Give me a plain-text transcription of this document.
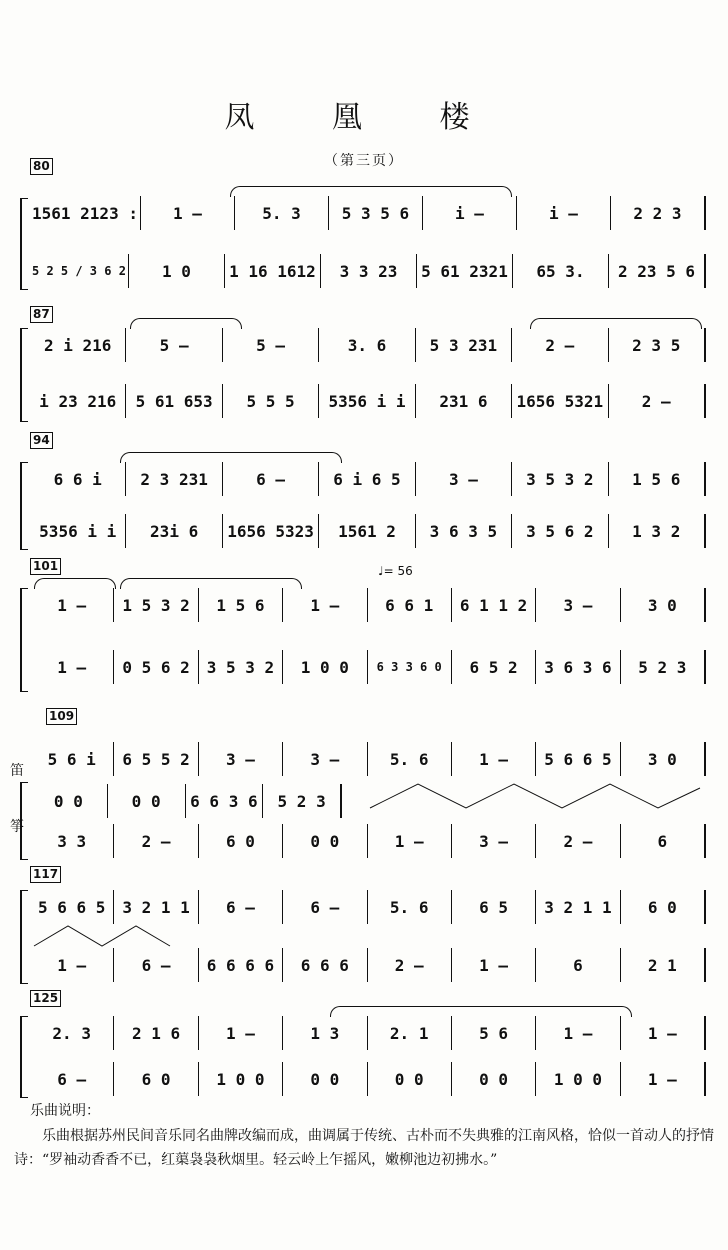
凤 凰 楼
（第三页）
80
1561 2123 :	1 –	5. 3	5 3 5 6	i –	i –	2 2 3
5 2 5 / 3 6 2	1 0	1 16 1612	3 3 23	5 61 2321	65 3.	2 23 5 6
87
2 i 216	5 –	5 –	3. 6	5 3 231	2 –	2 3 5
i 23 216	5 61 653	5 5 5	5356 i i	231 6	1656 5321	2 –
94
6 6 i	2 3 231	6 –	6 i 6 5	3 –	3 5 3 2	1 5 6
5356 i i	23i 6	1656 5323	1561 2	3 6 3 5	3 5 6 2	1 3 2
101	♩= 56
1 –	1 5 3 2	1 5 6	1 –	6 6 1	6 1 1 2	3 –	3 0
1 –	0 5 6 2	3 5 3 2	1 0 0	6 3 3 6 0	6 5 2	3 6 3 6	5 2 3
109
笛
筝
5 6 i	6 5 5 2	3 –	3 –	5. 6	1 –	5 6 6 5	3 0
0 0	0 0	6 6 3 6	5 2 3
3 3	2 –	6 0	0 0	1 –	3 –	2 –	6
117
5 6 6 5	3 2 1 1	6 –	6 –	5. 6	6 5	3 2 1 1	6 0
1 –	6 –	6 6 6 6	6 6 6	2 –	1 –	6	2 1
125
2. 3	2 1 6	1 –	1 3	2. 1	5 6	1 –	1 –
6 –	6 0	1 0 0	0 0	0 0	0 0	1 0 0	1 –
乐曲说明：
乐曲根据苏州民间音乐同名曲牌改编而成，曲调属于传统、古朴而不失典雅的江南风格，恰似一首动人的抒情诗：“罗袖动香香不已，红蕖袅袅秋烟里。轻云岭上乍摇风，嫩柳池边初拂水。”
